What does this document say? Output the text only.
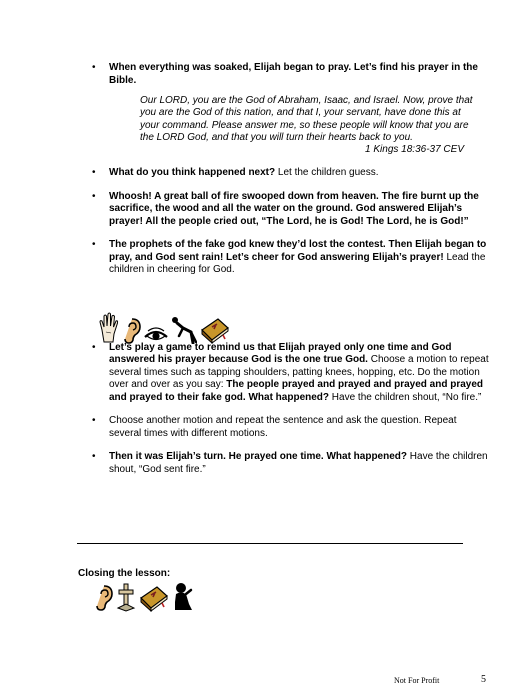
• When everything was soaked, Elijah began to pray. Let’s find his prayer in the Bible.
Our LORD, you are the God of Abraham, Isaac, and Israel. Now, prove that you are the God of this nation, and that I, your servant, have done this at your command. Please answer me, so these people will know that you are the LORD God, and that you will turn their hearts back to you.
1 Kings 18:36-37 CEV
• What do you think happened next? Let the children guess.
• Whoosh! A great ball of fire swooped down from heaven. The fire burnt up the sacrifice, the wood and all the water on the ground. God answered Elijah’s prayer! All the people cried out, “The Lord, he is God! The Lord, he is God!”
• The prophets of the fake god knew they’d lost the contest. Then Elijah began to pray, and God sent rain! Let’s cheer for God answering Elijah’s prayer! Lead the children in cheering for God.
• Let’s play a game to remind us that Elijah prayed only one time and God answered his prayer because God is the one true God. Choose a motion to repeat several times such as tapping shoulders, patting knees, hopping, etc. Do the motion over and over as you say: The people prayed and prayed and prayed and prayed and prayed to their fake god. What happened? Have the children shout, “No fire.”
• Choose another motion and repeat the sentence and ask the question. Repeat several times with different motions.
• Then it was Elijah’s turn. He prayed one time. What happened? Have the children shout, “God sent fire.”
Closing the lesson:
Not For Profit	5
